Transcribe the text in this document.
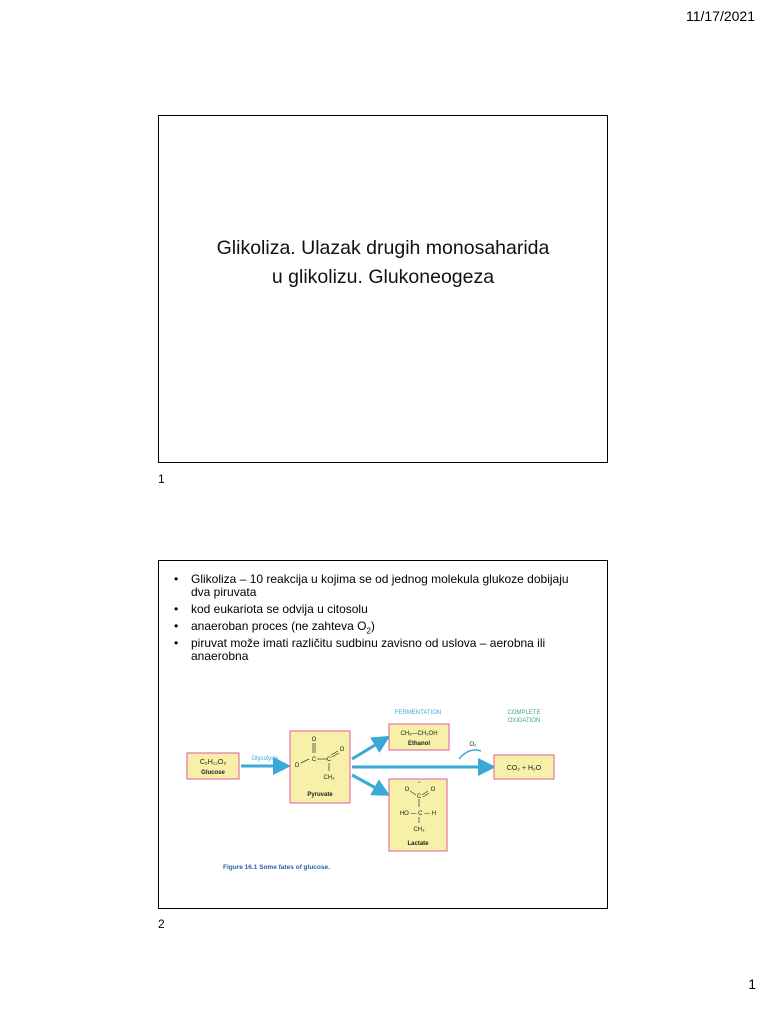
11/17/2021
Glikoliza. Ulazak drugih monosaharida
u glikolizu. Glukoneogeza
1
• Glikoliza – 10 reakcija u kojima se od jednog molekula glukoze dobijaju dva piruvata
• kod eukariota se odvija u citosolu
• anaeroban proces (ne zahteva $O_2$)
• piruvat može imati različitu sudbinu zavisno od uslova – aerobna ili anaerobna
C₆H₁₂O₆
Glucose
Glycolysis
O
C C
O
O
CH₃
Pyruvate
FERMENTATION
CH₃—CH₂OH
Ethanol	O₂
COMPLETE
OXIDATION
CO₂ + H₂O
−
O	O
C
HO — C — H
CH₃
Lactate
Figure 16.1 Some fates of glucose.
2
1
